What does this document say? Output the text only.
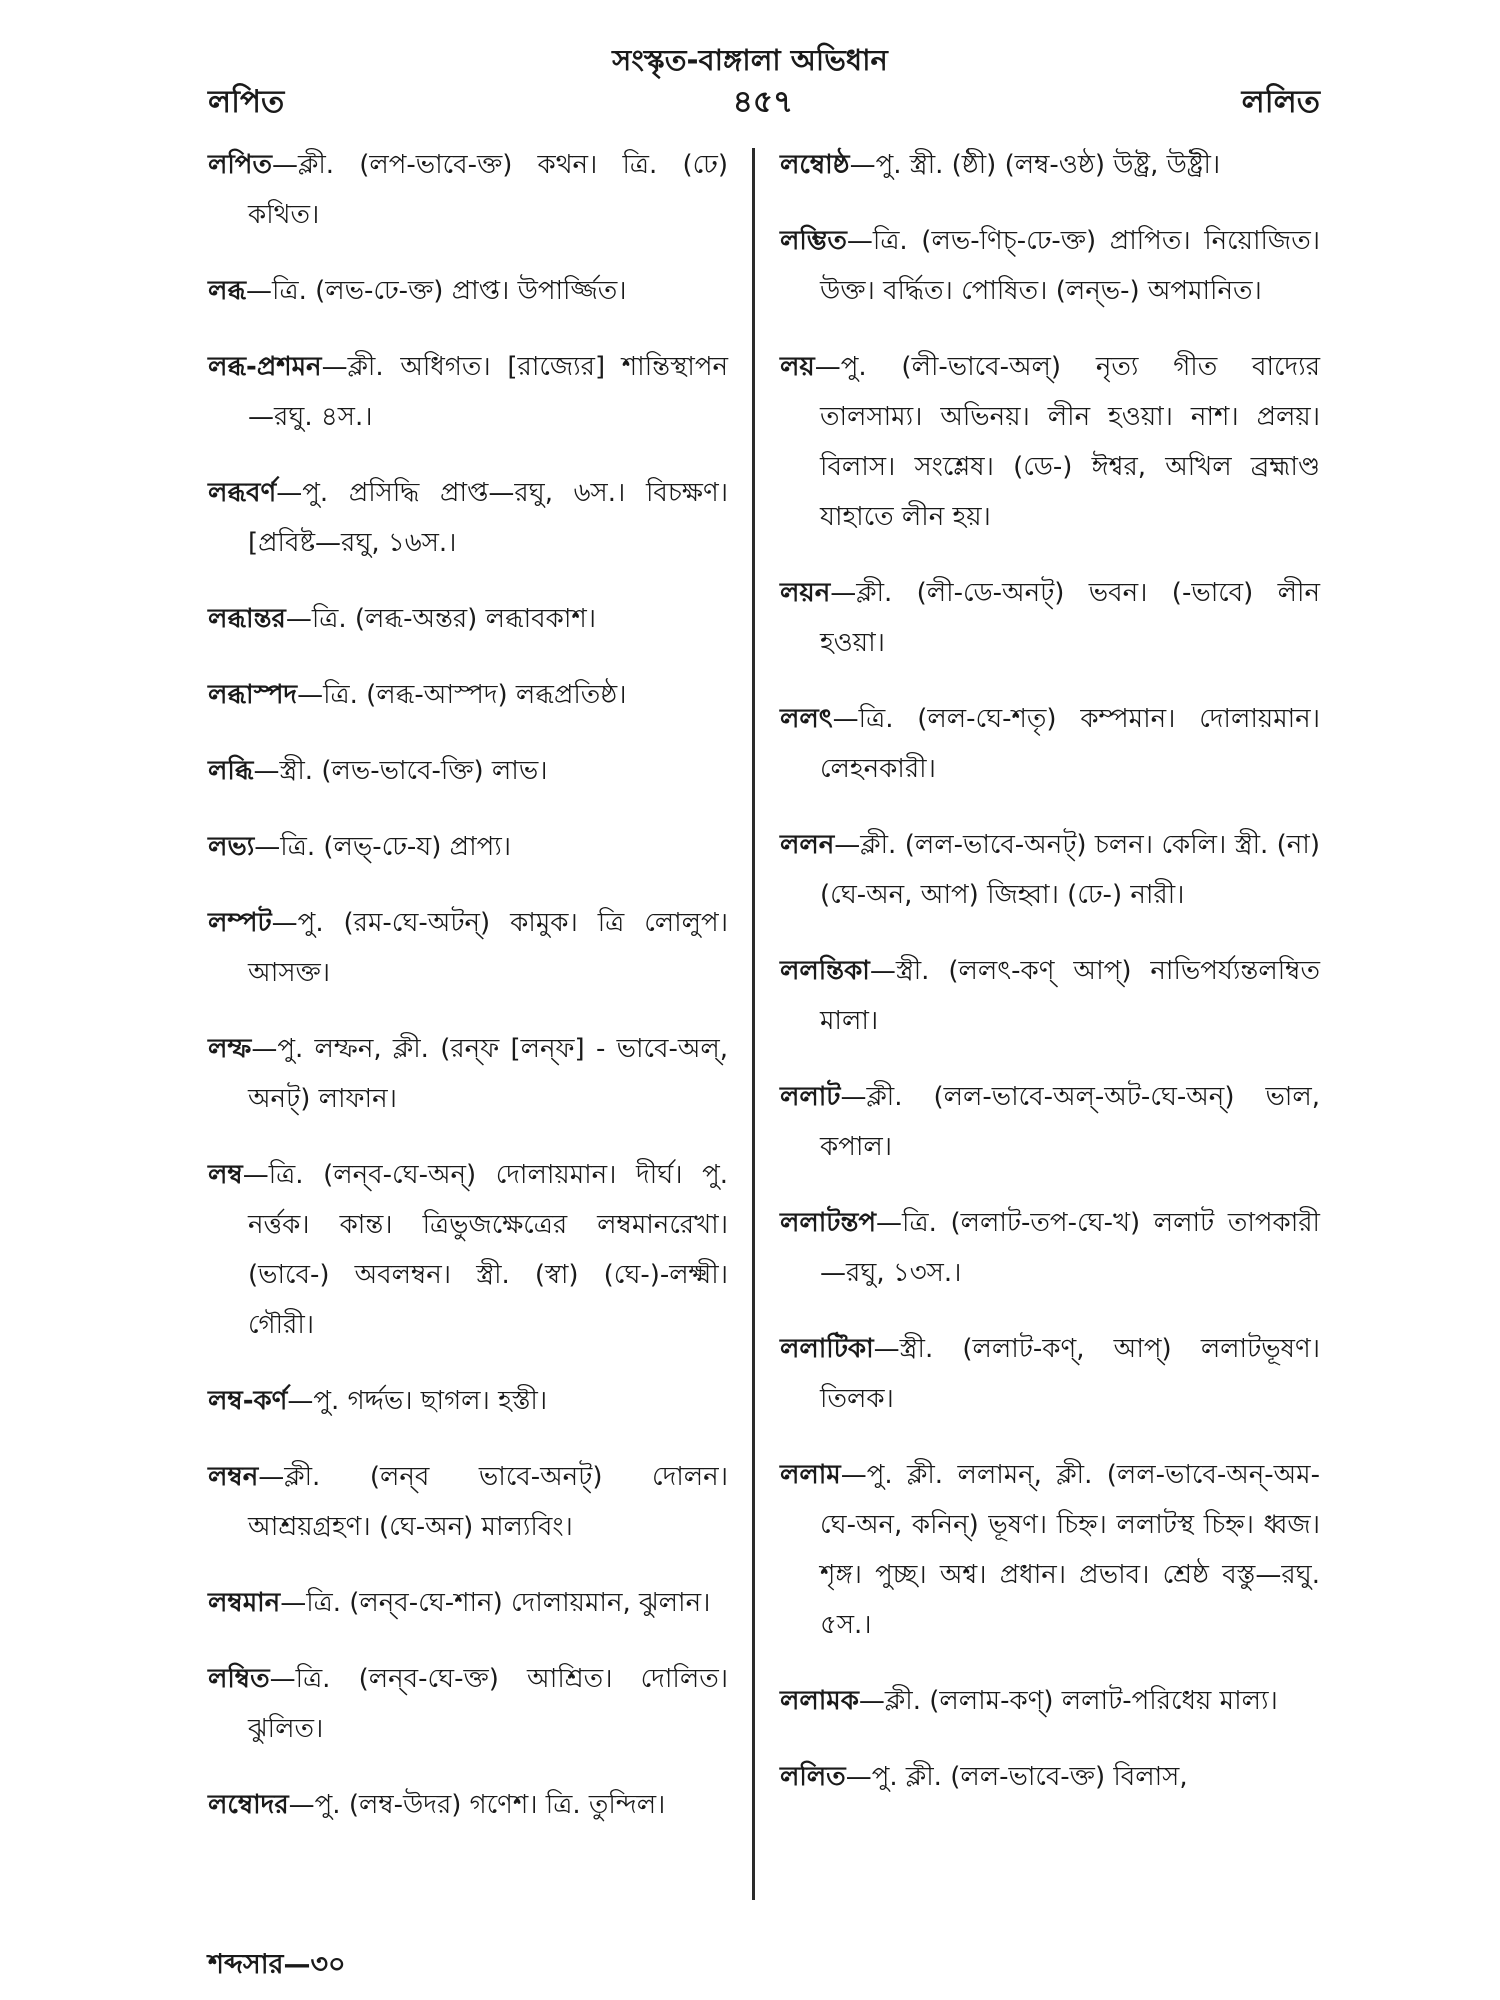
সংস্কৃত-বাঙ্গালা অভিধান
লপিত	৪৫৭	ললিত

লপিত—ক্লী. (লপ-ভাবে-ক্ত) কথন। ত্রি. (ঢে) কথিত।

লব্ধ—ত্রি. (লভ-ঢে-ক্ত) প্রাপ্ত। উপার্জ্জিত।

লব্ধ-প্রশমন—ক্লী. অধিগত। [রাজ্যের] শান্তিস্থাপন—রঘু. ৪স.।

লব্ধবর্ণ—পু. প্রসিদ্ধি প্রাপ্ত—রঘু, ৬স.। বিচক্ষণ। [প্রবিষ্ট—রঘু, ১৬স.।

লব্ধান্তর—ত্রি. (লব্ধ-অন্তর) লব্ধাবকাশ।

লব্ধাস্পদ—ত্রি. (লব্ধ-আস্পদ) লব্ধপ্রতিষ্ঠ।

লব্ধি—স্ত্রী. (লভ-ভাবে-ক্তি) লাভ।

লভ্য—ত্রি. (লভ্-ঢে-য) প্রাপ্য।

লম্পট—পু. (রম-ঘে-অটন্) কামুক। ত্রি লোলুপ। আসক্ত।

লম্ফ—পু. লম্ফন, ক্লী. (রন্‌ফ [লন্‌ফ] - ভাবে-অল্, অনট্) লাফান।

লম্ব—ত্রি. (লন্‌ব-ঘে-অন্) দোলায়মান। দীর্ঘ। পু. নর্ত্তক। কান্ত। ত্রিভুজক্ষেত্রের লম্বমানরেখা। (ভাবে-) অবলম্বন। স্ত্রী. (স্বা) (ঘে-)-লক্ষ্মী। গৌরী।

লম্ব-কর্ণ—পু. গর্দ্দভ। ছাগল। হস্তী।

লম্বন—ক্লী. (লন্‌ব ভাবে-অনট্) দোলন। আশ্রয়গ্রহণ। (ঘে-অন) মাল্যবিং।

লম্বমান—ত্রি. (লন্‌ব-ঘে-শান) দোলায়মান, ঝুলান।

লম্বিত—ত্রি. (লন্‌ব-ঘে-ক্ত) আশ্রিত। দোলিত। ঝুলিত।

লম্বোদর—পু. (লম্ব-উদর) গণেশ। ত্রি. তুন্দিল।

লম্বোষ্ঠ—পু. স্ত্রী. (ষ্ঠী) (লম্ব-ওষ্ঠ) উষ্ট্র, উষ্ট্রী।

লম্ভিত—ত্রি. (লভ-ণিচ্-ঢে-ক্ত) প্রাপিত। নিয়োজিত। উক্ত। বর্দ্ধিত। পোষিত। (লন্‌ভ-) অপমানিত।

লয়—পু. (লী-ভাবে-অল্) নৃত্য গীত বাদ্যের তালসাম্য। অভিনয়। লীন হওয়া। নাশ। প্রলয়। বিলাস। সংশ্লেষ। (ডে-) ঈশ্বর, অখিল ব্রহ্মাণ্ড যাহাতে লীন হয়।

লয়ন—ক্লী. (লী-ডে-অনট্) ভবন। (-ভাবে) লীন হওয়া।

ললৎ—ত্রি. (লল-ঘে-শতৃ) কম্পমান। দোলায়মান। লেহনকারী।

ললন—ক্লী. (লল-ভাবে-অনট্) চলন। কেলি। স্ত্রী. (না) (ঘে-অন, আপ) জিহ্বা। (ঢে-) নারী।

ললন্তিকা—স্ত্রী. (ললৎ-কণ্ আপ্) নাভিপর্য্যন্তলম্বিত মালা।

ললাট—ক্লী. (লল-ভাবে-অল্-অট-ঘে-অন্) ভাল, কপাল।

ললাটন্তপ—ত্রি. (ললাট-তপ-ঘে-খ) ললাট তাপকারী—রঘু, ১৩স.।

ললাটিকা—স্ত্রী. (ললাট-কণ্, আপ্) ললাটভূষণ। তিলক।

ললাম—পু. ক্লী. ললামন্, ক্লী. (লল-ভাবে-অন্-অম-ঘে-অন, কনিন্) ভূষণ। চিহ্ন। ললাটস্থ চিহ্ন। ধ্বজ। শৃঙ্গ। পুচ্ছ। অশ্ব। প্রধান। প্রভাব। শ্রেষ্ঠ বস্তু—রঘু. ৫স.।

ললামক—ক্লী. (ললাম-কণ্) ললাট-পরিধেয় মাল্য।

ললিত—পু. ক্লী. (লল-ভাবে-ক্ত) বিলাস,

শব্দসার—৩০
